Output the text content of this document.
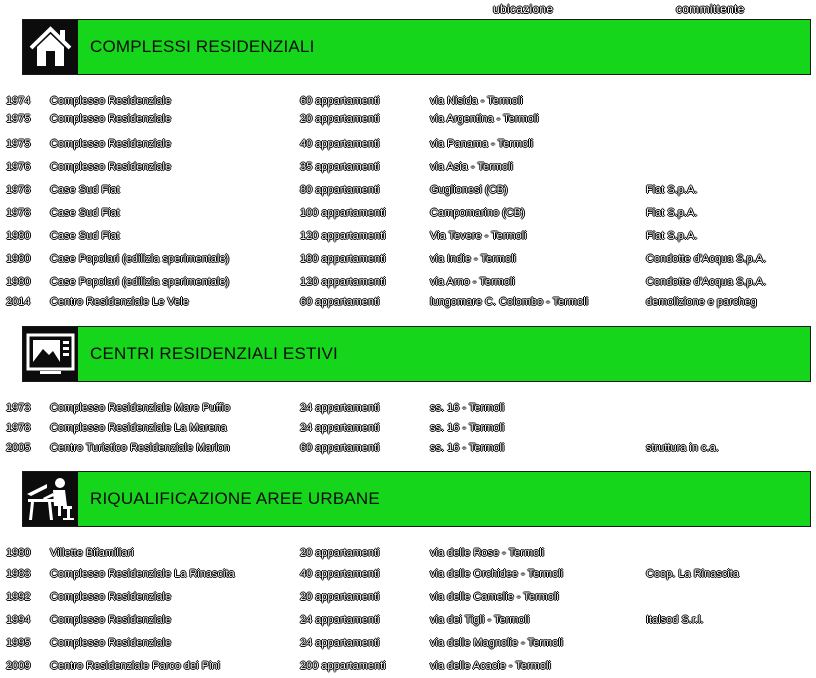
ubicazione	committente
COMPLESSI RESIDENZIALI
1974	Complesso Residenziale	60 appartamenti	via Nisida - Termoli
1975	Complesso Residenziale	20 appartamenti	via Argentina - Termoli
1975	Complesso Residenziale	40 appartamenti	via Panama - Termoli
1976	Complesso Residenziale	35 appartamenti	via Asia - Termoli
1978	Case Sud Fiat	80 appartamenti	Guglionesi (CB)	Fiat S.p.A.
1978	Case Sud Fiat	100 appartamenti	Campomarino (CB)	Fiat S.p.A.
1980	Case Sud Fiat	120 appartamenti	Via Tevere - Termoli	Fiat S.p.A.
1980	Case Popolari (edilizia sperimentale)	180 appartamenti	via Indie - Termoli	Condotte d'Acqua S.p.A.
1980	Case Popolari (edilizia sperimentale)	120 appartamenti	via Arno - Termoli	Condotte d'Acqua S.p.A.
2014	Centro Residenziale Le Vele	60 appartamenti	lungomare C. Colombo - Termoli	demolizione e parcheg
CENTRI RESIDENZIALI ESTIVI
1973	Complesso Residenziale Mare Puffio	24 appartamenti	ss. 16 - Termoli
1978	Complesso Residenziale La Marena	24 appartamenti	ss. 16 - Termoli
2005	Centro Turistico Residenziale Marlon	60 appartamenti	ss. 16 - Termoli	struttura in c.a.
RIQUALIFICAZIONE AREE URBANE
1980	Villette Bifamiliari	20 appartamenti	via delle Rose - Termoli
1983	Complesso Residenziale La Rinascita	40 appartamenti	via delle Orchidee - Termoli	Coop. La Rinascita
1992	Complesso Residenziale	20 appartamenti	via delle Camelie - Termoli
1994	Complesso Residenziale	24 appartamenti	via dei Tigli - Termoli	Italsod S.r.l.
1995	Complesso Residenziale	24 appartamenti	via delle Magnolie - Termoli
2009	Centro Residenziale Parco dei Pini	200 appartamenti	via delle Acacie - Termoli
